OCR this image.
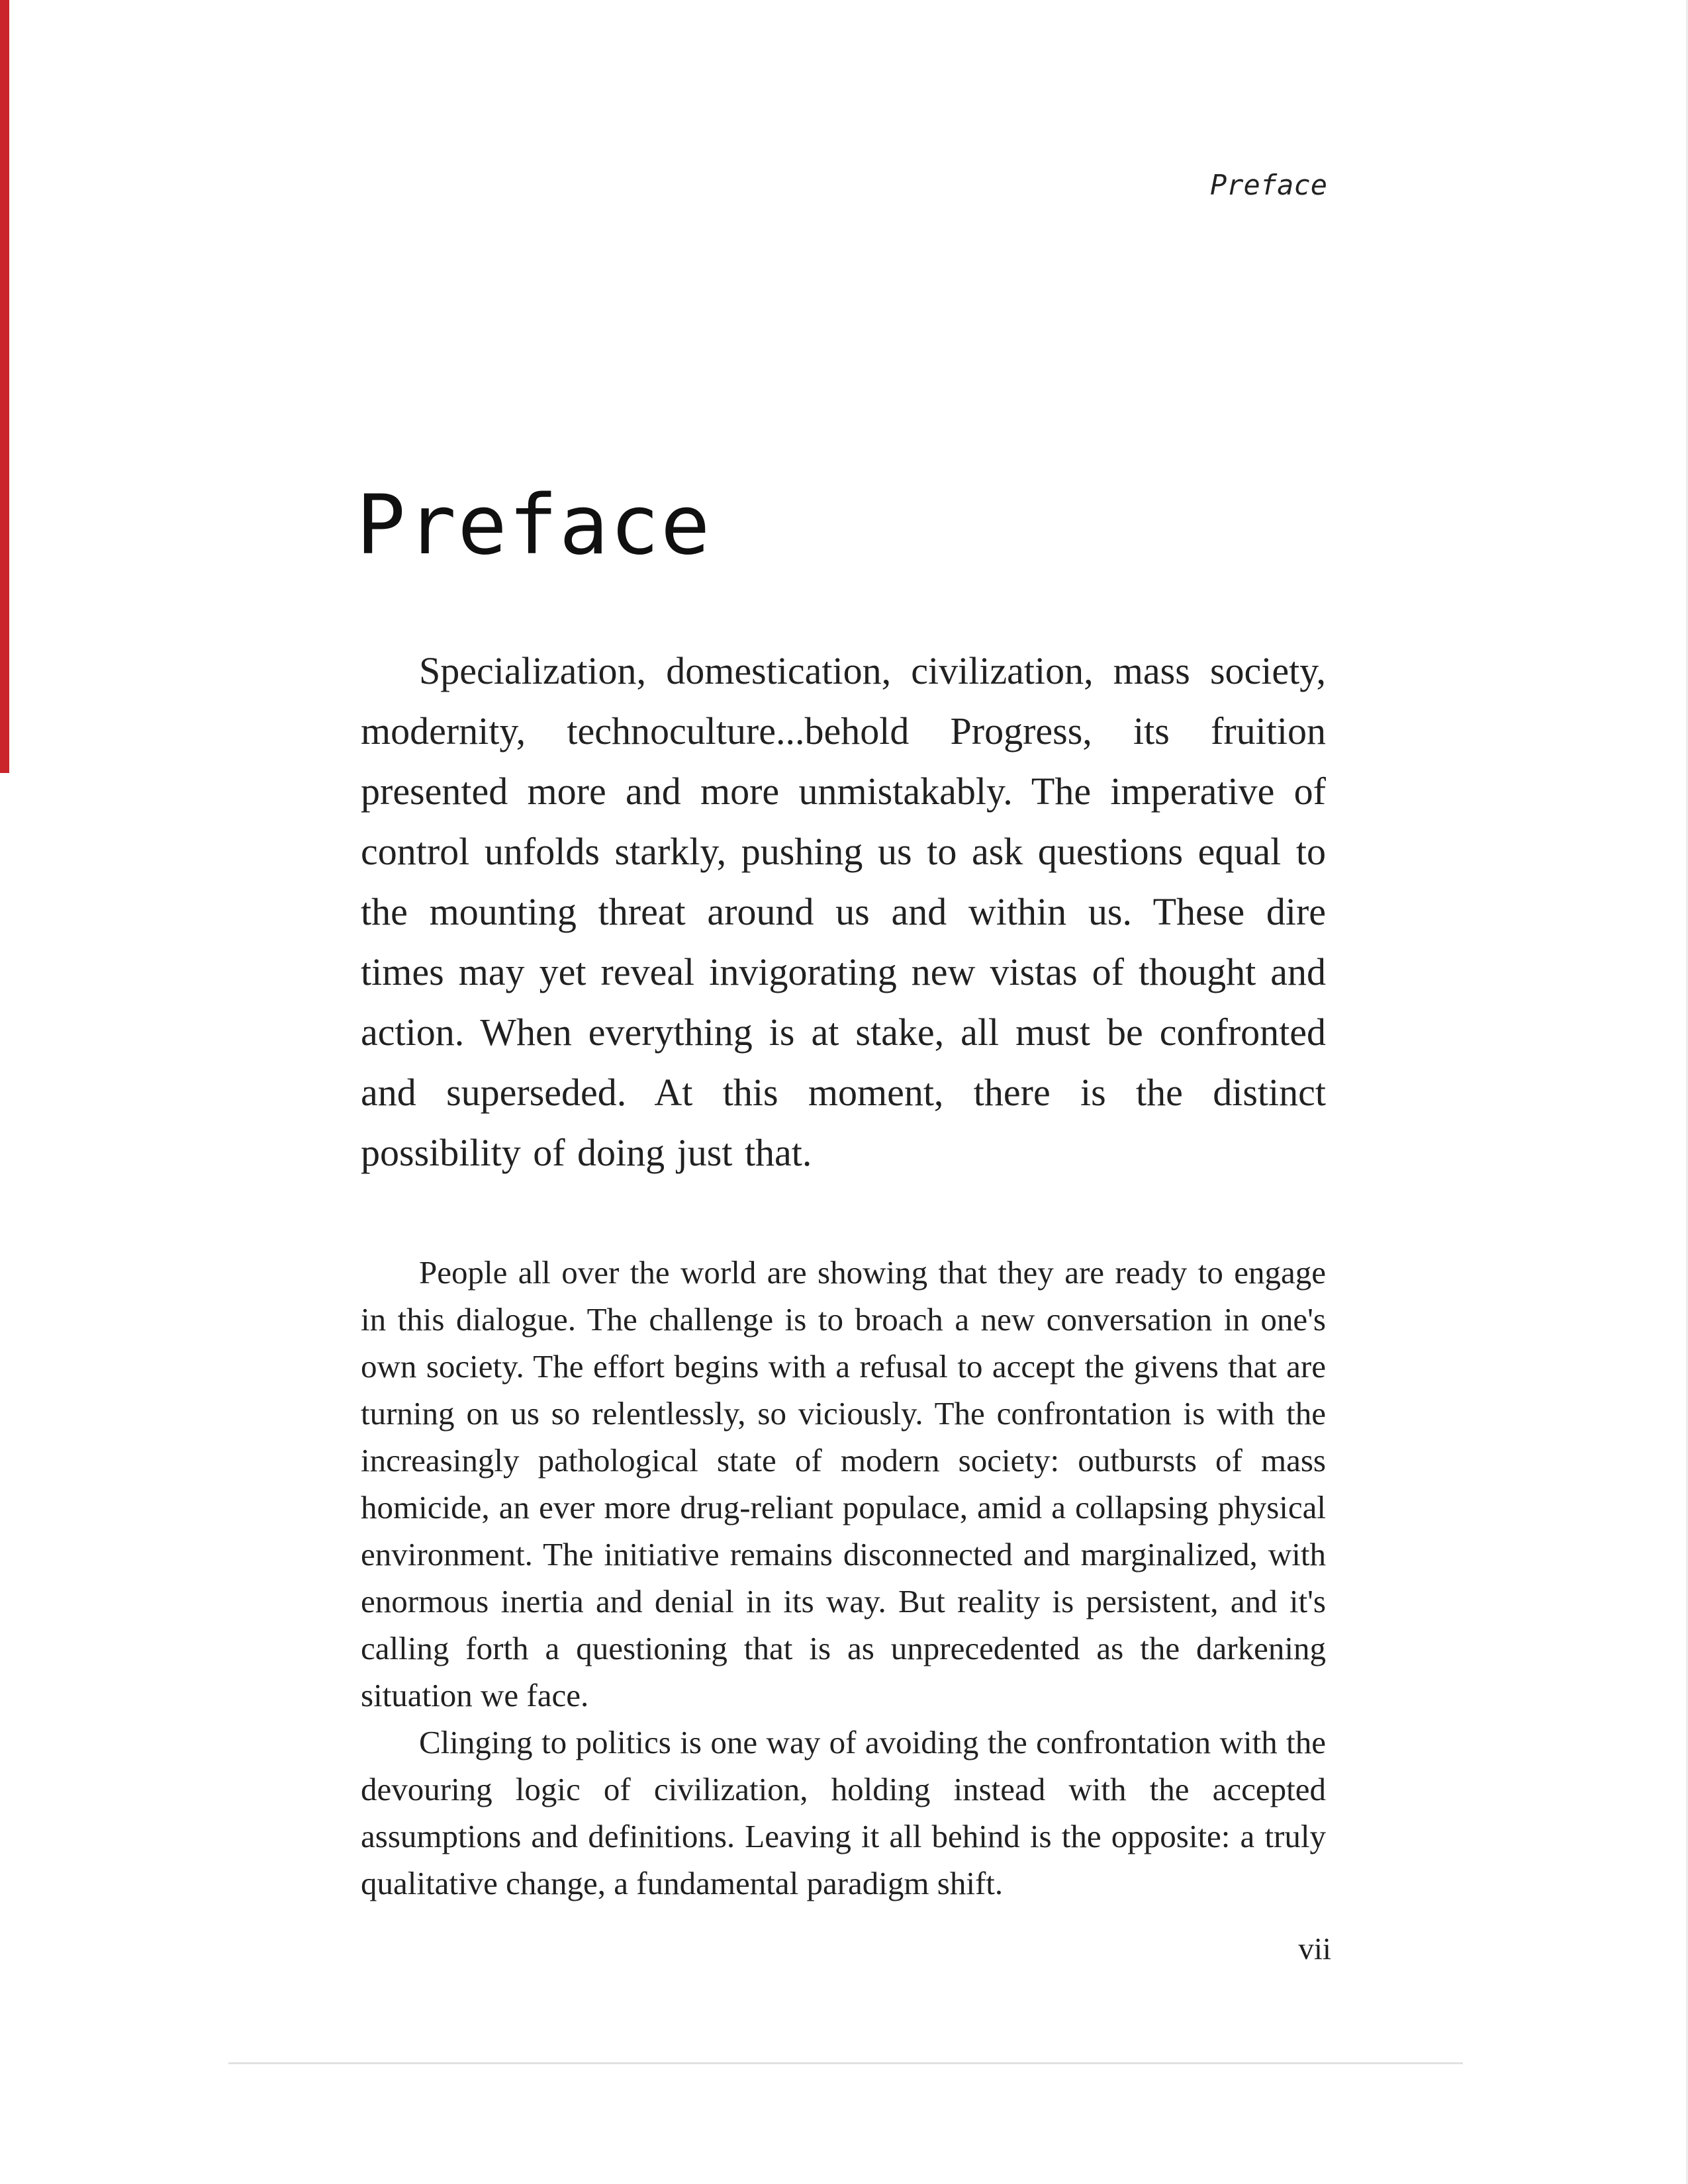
Preface
Preface

Specialization, domestication, civilization, mass society, modernity, technoculture...behold Progress, its fruition presented more and more unmistakably. The imperative of control unfolds starkly, pushing us to ask questions equal to the mounting threat around us and within us. These dire times may yet reveal invigorating new vistas of thought and action. When everything is at stake, all must be confronted and superseded. At this moment, there is the distinct possibility of doing just that.

People all over the world are showing that they are ready to engage in this dialogue. The challenge is to broach a new conversation in one's own society. The effort begins with a refusal to accept the givens that are turning on us so relentlessly, so viciously. The confrontation is with the increasingly pathological state of modern society: outbursts of mass homicide, an ever more drug-reliant populace, amid a collapsing physical environment. The initiative remains disconnected and marginalized, with enormous inertia and denial in its way. But reality is persistent, and it's calling forth a questioning that is as unprecedented as the darkening situation we face.

Clinging to politics is one way of avoiding the confrontation with the devouring logic of civilization, holding instead with the accepted assumptions and definitions. Leaving it all behind is the opposite: a truly qualitative change, a fundamental paradigm shift.

vii
